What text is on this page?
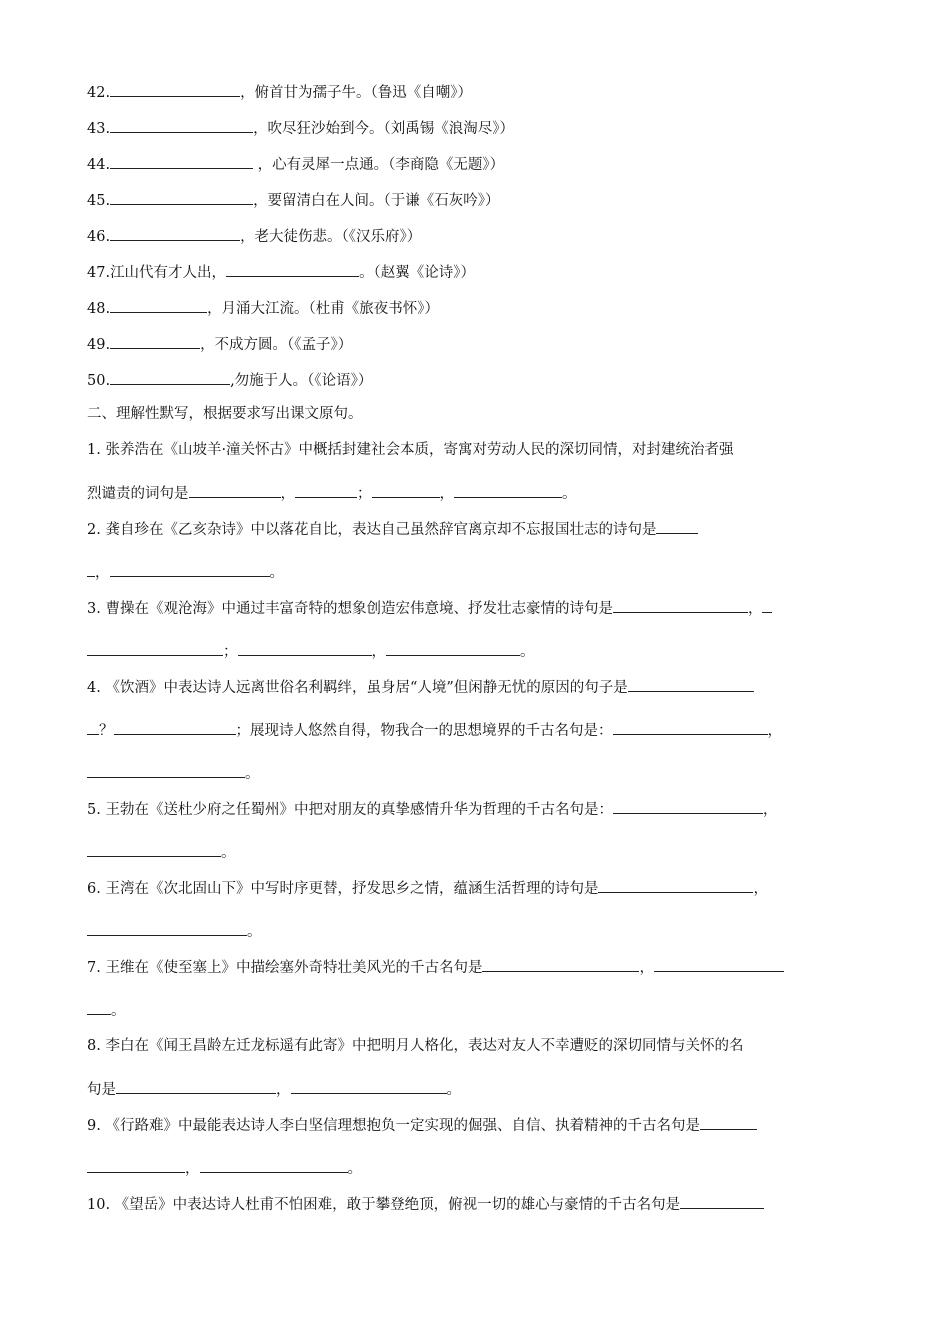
42.	，俯首甘为孺子牛。（鲁迅《自嘲》）
43.	，吹尽狂沙始到今。（刘禹锡《浪淘尽》）
44.	，心有灵犀一点通。（李商隐《无题》）
45.	，要留清白在人间。（于谦《石灰吟》）
46.	，老大徒伤悲。（《汉乐府》）
47.江山代有才人出，	。（赵翼《论诗》）
48.	，月涌大江流。（杜甫《旅夜书怀》）
49.	，不成方圆。（《孟子》）
50.	,勿施于人。（《论语》）
二、理解性默写，根据要求写出课文原句。
1. 张养浩在《山坡羊·潼关怀古》中概括封建社会本质，寄寓对劳动人民的深切同情，对封建统治者强
烈谴责的词句是	，	；	，	。
2. 龚自珍在《乙亥杂诗》中以落花自比，表达自己虽然辞官离京却不忘报国壮志的诗句是
，	。
3. 曹操在《观沧海》中通过丰富奇特的想象创造宏伟意境、抒发壮志豪情的诗句是	，
；	，	。
4. 《饮酒》中表达诗人远离世俗名利羁绊，虽身居“人境”但闲静无忧的原因的句子是
？	；展现诗人悠然自得，物我合一的思想境界的千古名句是：	，
。
5. 王勃在《送杜少府之任蜀州》中把对朋友的真挚感情升华为哲理的千古名句是：	，
。
6. 王湾在《次北固山下》中写时序更替，抒发思乡之情，蕴涵生活哲理的诗句是	，
。
7. 王维在《使至塞上》中描绘塞外奇特壮美风光的千古名句是	，
。
8. 李白在《闻王昌龄左迁龙标遥有此寄》中把明月人格化，表达对友人不幸遭贬的深切同情与关怀的名
句是	，	。
9. 《行路难》中最能表达诗人李白坚信理想抱负一定实现的倔强、自信、执着精神的千古名句是
，	。
10. 《望岳》中表达诗人杜甫不怕困难，敢于攀登绝顶，俯视一切的雄心与豪情的千古名句是
